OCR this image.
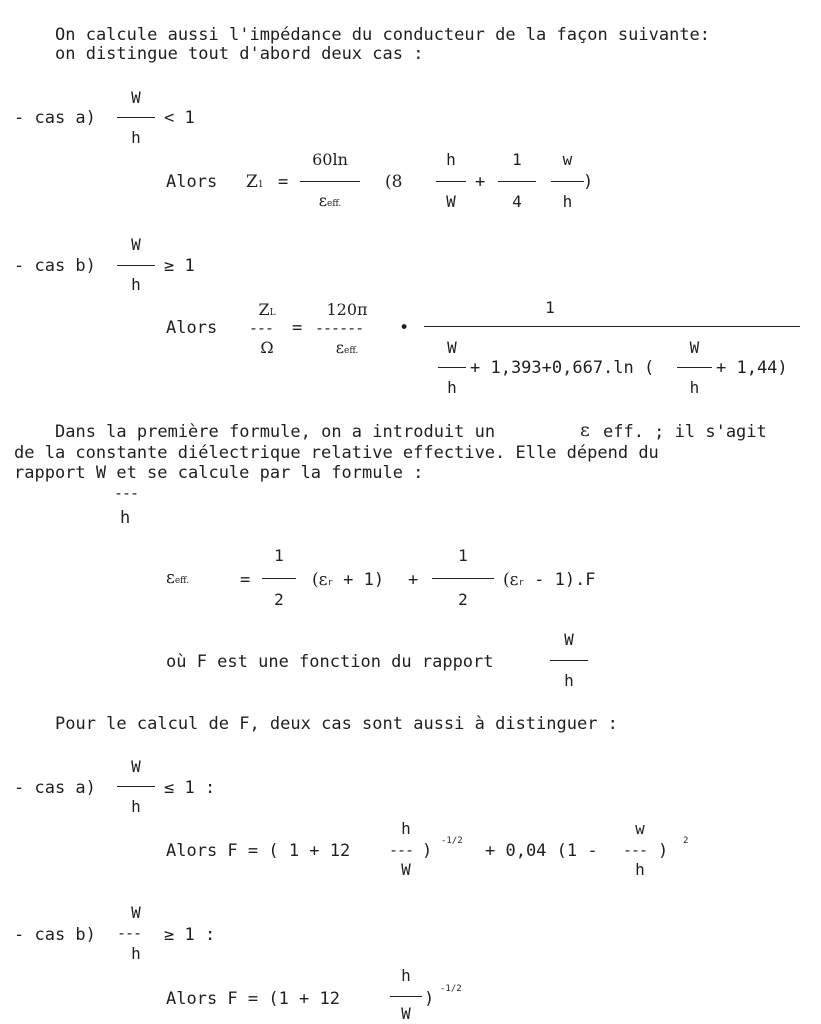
On calcule aussi l'impédance du conducteur de la façon suivante:
on distingue tout d'abord deux cas :
- cas a)
W
h
< 1
Alors Z1 =
60ln
εeff.
(8
h
W
+
1
4
w
h
)
- cas b)
W
h
≥ 1
Alors
ZL
---
Ω
=
120π
------
εeff.
•
1
W
h
+ 1,393+0,667.ln (
W
h
+ 1,44)
Dans la première formule, on a introduit un	ε eff. ; il s'agit
de la constante diélectrique relative effective. Elle dépend du
rapport W et se calcule par la formule :
---
h
εeff.	=
1
2
(εr + 1) +
1
2
(εr - 1).F
où F est une fonction du rapport
W
h
Pour le calcul de F, deux cas sont aussi à distinguer :
- cas a)
W
h
≤ 1 :
Alors F = ( 1 + 12
h
---
W
) -1/2 + 0,04 (1 -
w
---
h
) 2
- cas b)
W
---
h
≥ 1 :
Alors F = (1 + 12
h
W
) -1/2
